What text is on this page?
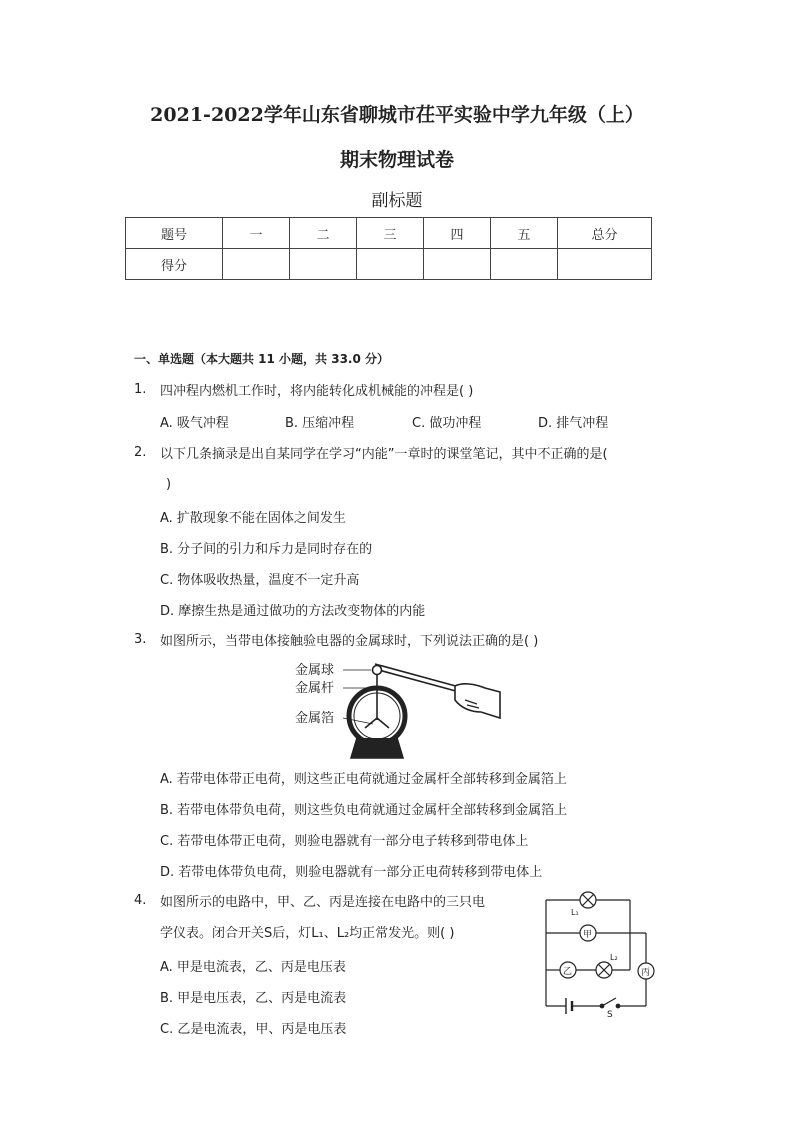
2021-2022学年山东省聊城市茌平实验中学九年级（上）
期末物理试卷
副标题
题号	一	二	三	四	五	总分
得分						
一、单选题（本大题共 11 小题，共 33.0 分）
1. 四冲程内燃机工作时，将内能转化成机械能的冲程是( )
A. 吸气冲程	B. 压缩冲程	C. 做功冲程	D. 排气冲程
2. 以下几条摘录是出自某同学在学习“内能”一章时的课堂笔记，其中不正确的是(
)
A. 扩散现象不能在固体之间发生
B. 分子间的引力和斥力是同时存在的
C. 物体吸收热量，温度不一定升高
D. 摩擦生热是通过做功的方法改变物体的内能
3. 如图所示，当带电体接触验电器的金属球时，下列说法正确的是( )
金属球
金属杆
金属箔
A. 若带电体带正电荷，则这些正电荷就通过金属杆全部转移到金属箔上
B. 若带电体带负电荷，则这些负电荷就通过金属杆全部转移到金属箔上
C. 若带电体带正电荷，则验电器就有一部分电子转移到带电体上
D. 若带电体带负电荷，则验电器就有一部分正电荷转移到带电体上
4. 如图所示的电路中，甲、乙、丙是连接在电路中的三只电
学仪表。闭合开关S后，灯L₁、L₂均正常发光。则( )
A. 甲是电流表，乙、丙是电压表
B. 甲是电压表，乙、丙是电流表
C. 乙是电流表，甲、丙是电压表
L₁
甲
乙
L₂
丙
S
